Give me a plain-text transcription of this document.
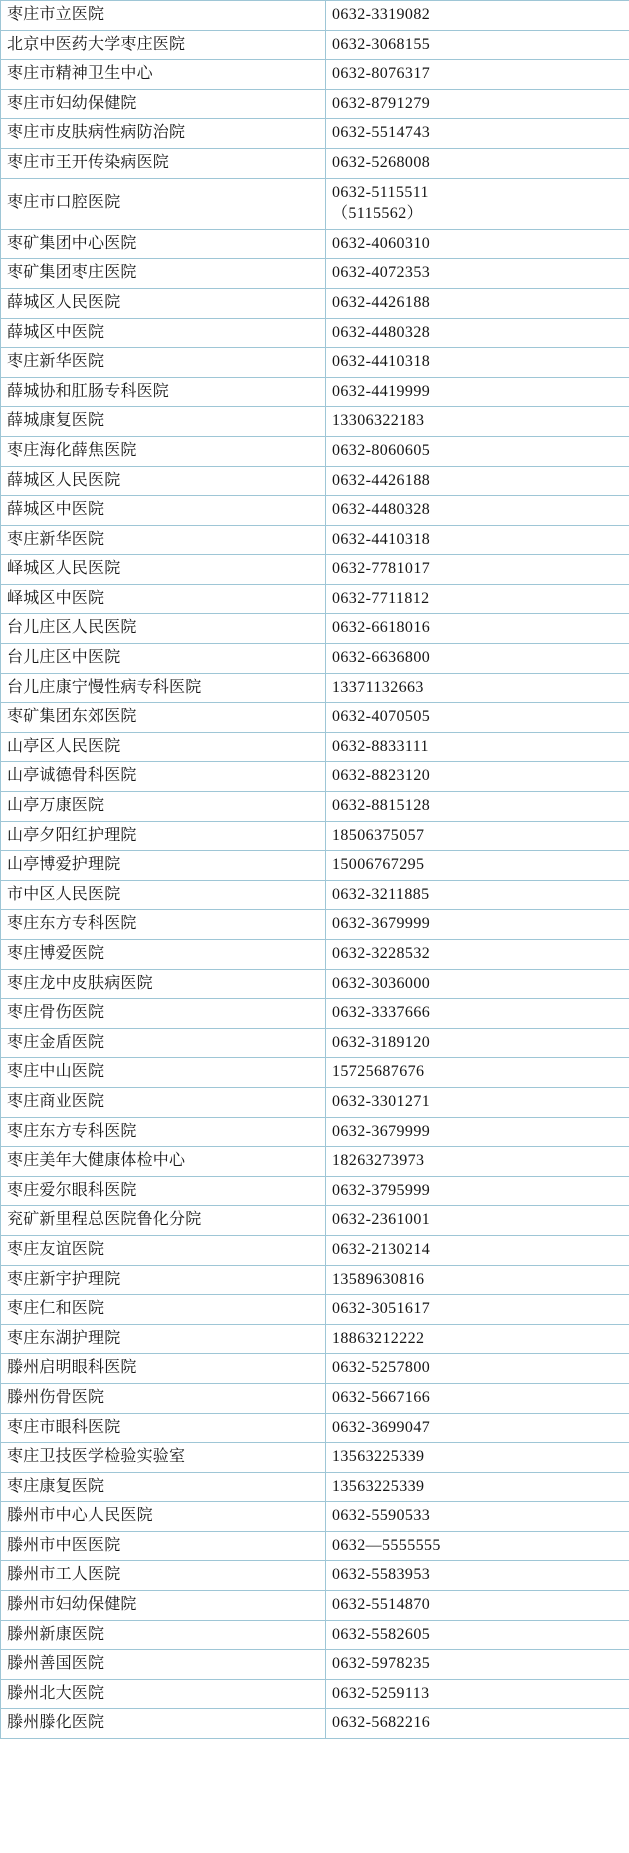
枣庄市立医院	0632-3319082
北京中医药大学枣庄医院	0632-3068155
枣庄市精神卫生中心	0632-8076317
枣庄市妇幼保健院	0632-8791279
枣庄市皮肤病性病防治院	0632-5514743
枣庄市王开传染病医院	0632-5268008
枣庄市口腔医院	0632-5115511
（5115562）

枣矿集团中心医院	0632-4060310
枣矿集团枣庄医院	0632-4072353
薛城区人民医院	0632-4426188
薛城区中医院	0632-4480328
枣庄新华医院	0632-4410318
薛城协和肛肠专科医院	0632-4419999
薛城康复医院	13306322183
枣庄海化薛焦医院	0632-8060605
薛城区人民医院	0632-4426188
薛城区中医院	0632-4480328
枣庄新华医院	0632-4410318
峄城区人民医院	0632-7781017
峄城区中医院	0632-7711812
台儿庄区人民医院	0632-6618016
台儿庄区中医院	0632-6636800
台儿庄康宁慢性病专科医院	13371132663
枣矿集团东郊医院	0632-4070505
山亭区人民医院	0632-8833111
山亭诚德骨科医院	0632-8823120
山亭万康医院	0632-8815128
山亭夕阳红护理院	18506375057
山亭博爱护理院	15006767295
市中区人民医院	0632-3211885
枣庄东方专科医院	0632-3679999
枣庄博爱医院	0632-3228532
枣庄龙中皮肤病医院	0632-3036000
枣庄骨伤医院	0632-3337666
枣庄金盾医院	0632-3189120
枣庄中山医院	15725687676
枣庄商业医院	0632-3301271
枣庄东方专科医院	0632-3679999
枣庄美年大健康体检中心	18263273973
枣庄爱尔眼科医院	0632-3795999
兖矿新里程总医院鲁化分院	0632-2361001
枣庄友谊医院	0632-2130214
枣庄新宇护理院	13589630816
枣庄仁和医院	0632-3051617
枣庄东湖护理院	18863212222
滕州启明眼科医院	0632-5257800
滕州伤骨医院	0632-5667166
枣庄市眼科医院	0632-3699047
枣庄卫技医学检验实验室	13563225339
枣庄康复医院	13563225339
滕州市中心人民医院	0632-5590533
滕州市中医医院	0632—5555555
滕州市工人医院	0632-5583953
滕州市妇幼保健院	0632-5514870
滕州新康医院	0632-5582605
滕州善国医院	0632-5978235
滕州北大医院	0632-5259113
滕州滕化医院	0632-5682216
